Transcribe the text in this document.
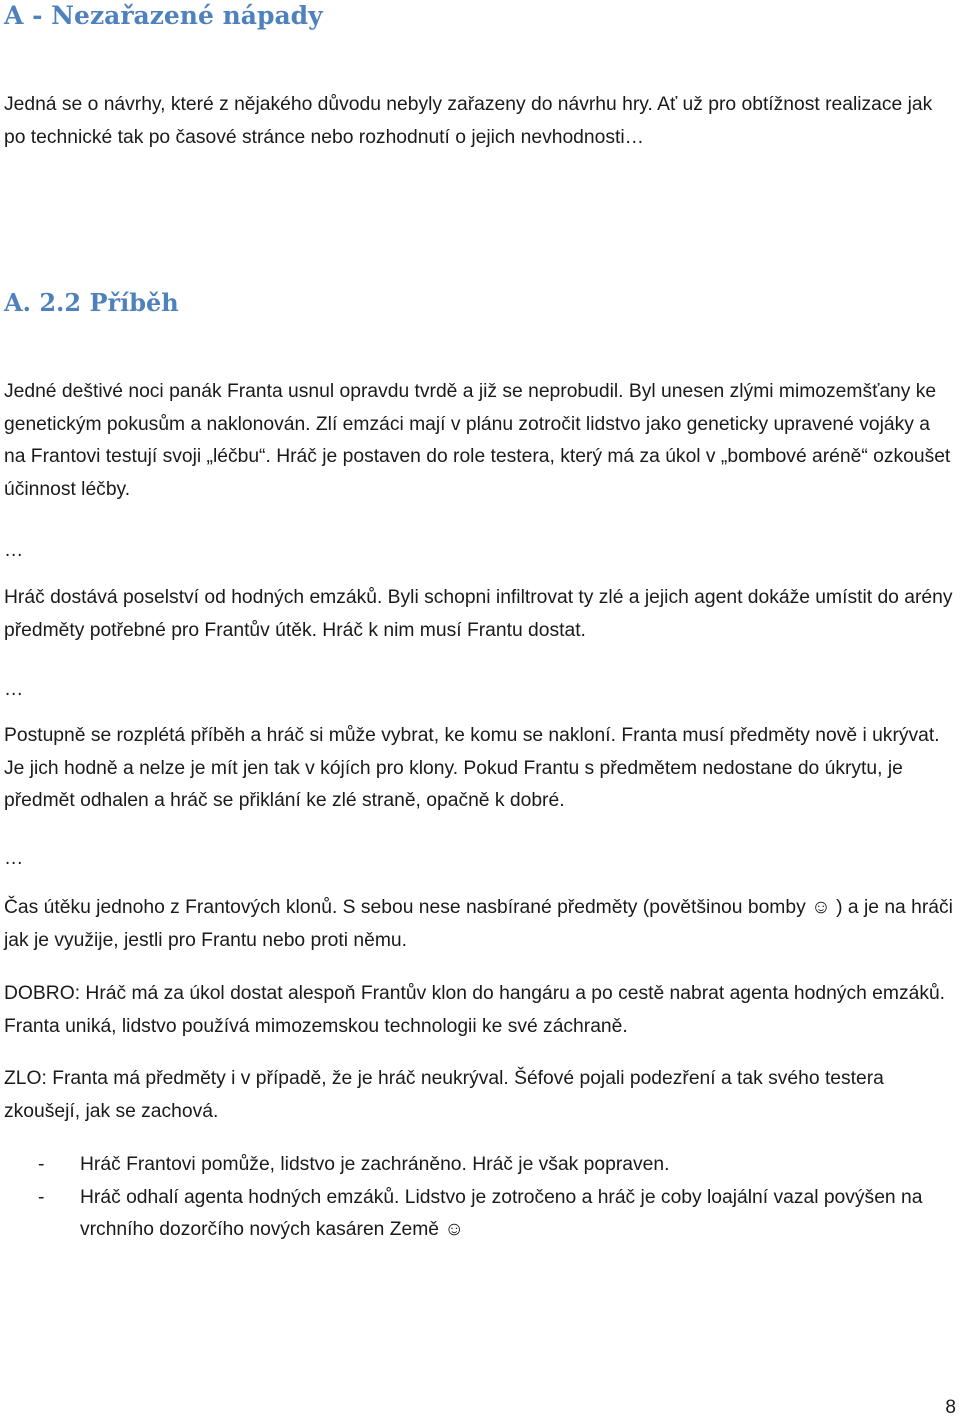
A - Nezařazené nápady

Jedná se o návrhy, které z nějakého důvodu nebyly zařazeny do návrhu hry. Ať už pro obtížnost realizace jak po technické tak po časové stránce nebo rozhodnutí o jejich nevhodnosti…

A. 2.2 Příběh

Jedné deštivé noci panák Franta usnul opravdu tvrdě a již se neprobudil. Byl unesen zlými mimozemšťany ke genetickým pokusům a naklonován. Zlí emzáci mají v plánu zotročit lidstvo jako geneticky upravené vojáky a na Frantovi testují svoji „léčbu“. Hráč je postaven do role testera, který má za úkol v „bombové aréně“ ozkoušet účinnost léčby.

…

Hráč dostává poselství od hodných emzáků. Byli schopni infiltrovat ty zlé a jejich agent dokáže umístit do arény předměty potřebné pro Frantův útěk. Hráč k nim musí Frantu dostat.

…

Postupně se rozplétá příběh a hráč si může vybrat, ke komu se nakloní. Franta musí předměty nově i ukrývat. Je jich hodně a nelze je mít jen tak v kójích pro klony. Pokud Frantu s předmětem nedostane do úkrytu, je předmět odhalen a hráč se přiklání ke zlé straně, opačně k dobré.

…

Čas útěku jednoho z Frantových klonů. S sebou nese nasbírané předměty (povětšinou bomby ☺ ) a je na hráči jak je využije, jestli pro Frantu nebo proti němu.

DOBRO: Hráč má za úkol dostat alespoň Frantův klon do hangáru a po cestě nabrat agenta hodných emzáků. Franta uniká, lidstvo používá mimozemskou technologii ke své záchraně.

ZLO: Franta má předměty i v případě, že je hráč neukrýval. Šéfové pojali podezření a tak svého testera zkoušejí, jak se zachová.

- Hráč Frantovi pomůže, lidstvo je zachráněno. Hráč je však popraven.
- Hráč odhalí agenta hodných emzáků. Lidstvo je zotročeno a hráč je coby loajální vazal povýšen na vrchního dozorčího nových kasáren Země ☺
8
